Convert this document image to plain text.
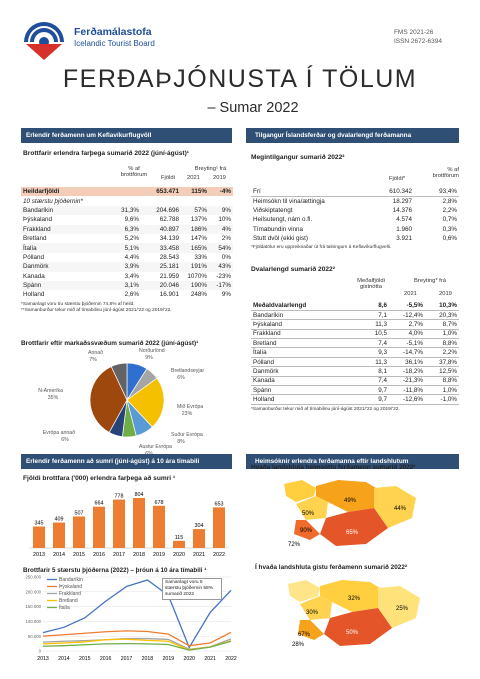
Ferðamálastofa
Icelandic Tourist Board
FMS 2021-26
ISSN 2672-6394
FERÐAÞJÓNUSTA Í TÖLUM
– Sumar 2022
Erlendir ferðamenn um Keflavíkurflugvöll
Brottfarir erlendra farþega sumarið 2022 (júní-ágúst)¹
% af
brottförum	Fjöldi
Breyting¹ frá
2021 2019
Heildarfjöldi		653.471	115%	-4%
10 stærstu þjóðernin*				
Bandaríkin	31,3%	204.696	57%	9%
Þýskaland	9,6%	62.788	137%	10%
Frakkland	6,3%	40.897	186%	4%
Bretland	5,2%	34.139	147%	2%
Ítalía	5,1%	33.458	165%	54%
Pólland	4,4%	28.543	33%	0%
Danmörk	3,9%	25.181	191%	43%
Kanada	3,4%	21.959	1070%	-23%
Spánn	3,1%	20.046	190%	-17%
Holland	2,6%	16.901	248%	9%
*Samanlagt voru tíu stærstu þjóðernin 74,8% af heild.
**Samanburður tekur mið af tímabilinu júní-ágúst 2021/'22 og 2019/'22.
Brottfarir eftir markaðssvæðum sumarið 2022 (júní-ágúst)¹
Norðurlönd
9%
Bretlandseyjar
6%
Mið Evrópa
23%
Suður Evrópa
8%
Austur Evrópa
Evrópa annað
6%
N-Ameríka
35%
Annað
7%
Tilgangur Íslandsferðar og dvalarlengd ferðamanna
Megintilgangur sumarið 2022²
% af
brottförum
Fjöldi*
Frí	610.342	93,4%
Heimsókn til vina/ættingja	18.297	2,8%
Viðskiptatengt	14.376	2,2%
Heilsutengt, nám o.fl.	4.574	0,7%
Tímabundin vinna	1.960	0,3%
Stutt dvöl (ekki gist)	3.921	0,6%
*Fjöldatölur eru uppreiknaðar út frá talningum á Keflavíkurflugvelli.
Dvalarlengd sumarið 2022²
Meðalfjöldi
gistnótta
Breyting* frá
2021	2019
Meðaldvalarlengd	8,6	-5,5%	10,3%
Bandaríkin	7,1	-12,4%	20,3%
Þýskaland	11,3	2,7%	8,7%
Frakkland	10,5	4,0%	1,0%
Bretland	7,4	-5,1%	8,8%
Ítalía	9,3	-14,7%	2,2%
Pólland	11,3	36,1%	37,8%
Danmörk	8,1	-18,2%	12,5%
Kanada	7,4	-21,3%	8,8%
Spánn	9,7	-11,8%	1,0%
Holland	9,7	-12,6%	-1,0%
*Samanburður tekur mið af tímabilinu júní-ágúst 2021/'22 og 2019/'22.
Erlendir ferðamenn að sumri (júní-ágúst) á 10 ára tímabili
Fjöldi brottfara ('000) erlendra farþega að sumri ¹
345
2013
409
2014
507
2015
664
2016
778
2017
804
2018
678
2019
115
2020
304
2021
653
2022
Brottfarir 5 stærstu þjóðerna (2022) – þróun á 10 ára tímabili ¹
0
50.000
100.000
150.000
200.000
250.000
2013 2014 2015 2016 2017 2018 2019 2020 2021 2022
Bandaríkin
Þýskaland
Frakkland
Bretland
Ítalía
Samanlagt voru 5 stærstu þjóðernin 58% sumarið 2022
Heimsóknir erlendra ferðamanna eftir landshlutum
Hvaða landshluta heimsóttu ferðamenn sumarið 2022²
49%
44%
50%
90%
72%
65%
Í hvaða landshluta gistu ferðamenn sumarið 2022²
32%
25%
30%
67%
28%
50%
